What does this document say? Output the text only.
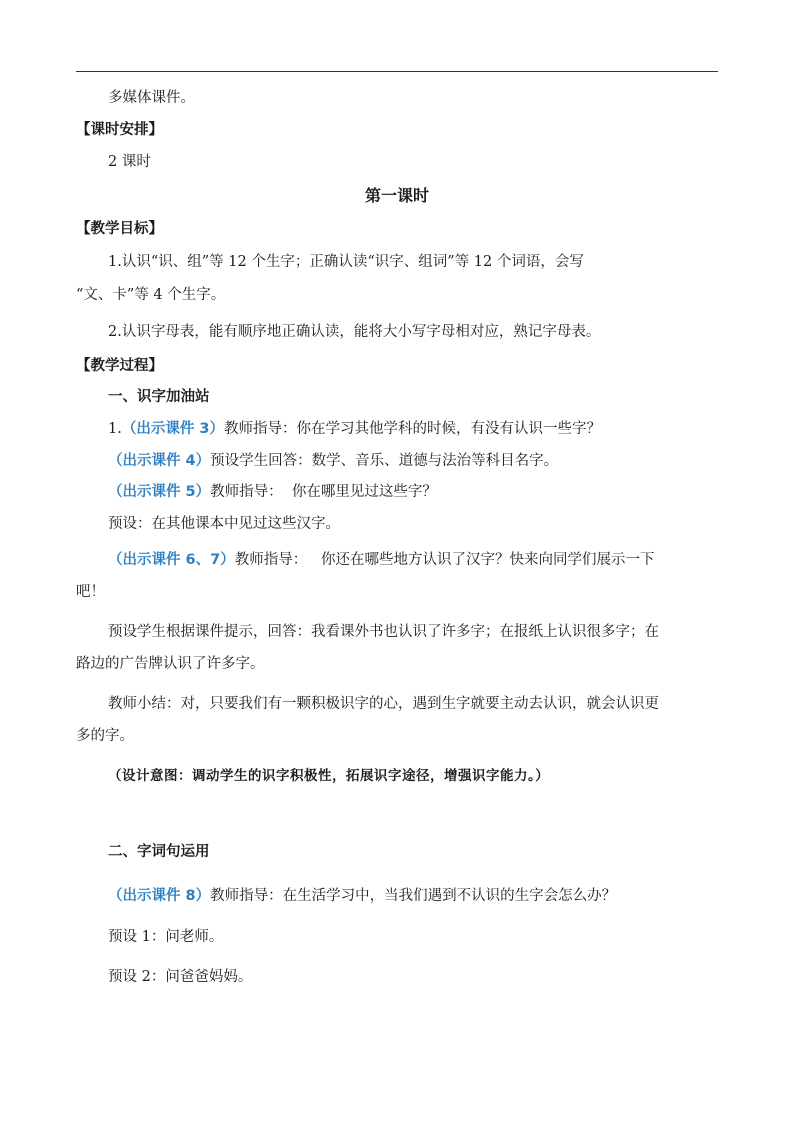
多媒体课件。
【课时安排】
2 课时
第一课时
【教学目标】
1.认识“识、组”等 12 个生字；正确认读“识字、组词”等 12 个词语，会写
“文、卡”等 4 个生字。
2.认识字母表，能有顺序地正确认读，能将大小写字母相对应，熟记字母表。
【教学过程】
一、识字加油站
1.（出示课件 3）教师指导：你在学习其他学科的时候，有没有认识一些字？
（出示课件 4）预设学生回答：数学、音乐、道德与法治等科目名字。
（出示课件 5）教师指导：  你在哪里见过这些字？
预设：在其他课本中见过这些汉字。
（出示课件 6、7）教师指导：   你还在哪些地方认识了汉字？快来向同学们展示一下
吧！
预设学生根据课件提示，回答：我看课外书也认识了许多字；在报纸上认识很多字；在
路边的广告牌认识了许多字。
教师小结：对，只要我们有一颗积极识字的心，遇到生字就要主动去认识，就会认识更
多的字。
（设计意图：调动学生的识字积极性，拓展识字途径，增强识字能力。）
二、字词句运用
（出示课件 8）教师指导：在生活学习中，当我们遇到不认识的生字会怎么办？
预设 1：问老师。
预设 2：问爸爸妈妈。
